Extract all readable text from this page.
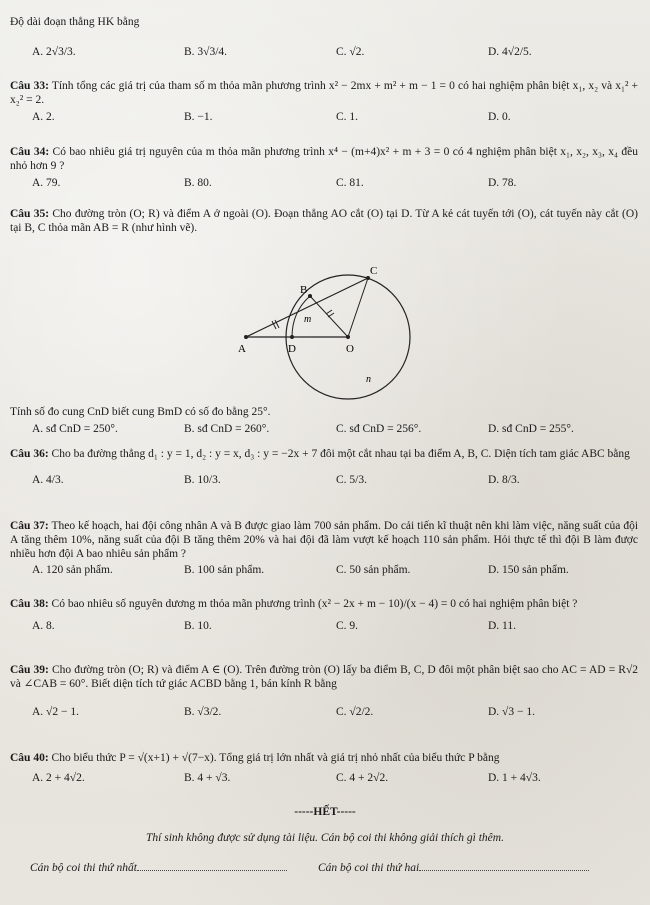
Độ dài đoạn thẳng HK bằng
A. 2√3/3.	B. 3√3/4.	C. √2.	D. 4√2/5.
Câu 33: Tính tổng các giá trị của tham số m thỏa mãn phương trình x² − 2mx + m² + m − 1 = 0 có hai nghiệm phân biệt x₁, x₂ và x₁² + x₂² = 2.
A. 2.	B. −1.	C. 1.	D. 0.
Câu 34: Có bao nhiêu giá trị nguyên của m thỏa mãn phương trình x⁴ − (m+4)x² + m + 3 = 0 có 4 nghiệm phân biệt x₁, x₂, x₃, x₄ đều nhỏ hơn 9 ?
A. 79.	B. 80.	C. 81.	D. 78.
Câu 35: Cho đường tròn (O; R) và điểm A ở ngoài (O). Đoạn thẳng AO cắt (O) tại D. Từ A kẻ cát tuyến tới (O), cát tuyến này cắt (O) tại B, C thỏa mãn AB = R (như hình vẽ).
C
B
m
A	D	O
n
Tính số đo cung CnD biết cung BmD có số đo bằng 25°.
A. sđ CnD = 250°.	B. sđ CnD = 260°.	C. sđ CnD = 256°.	D. sđ CnD = 255°.
Câu 36: Cho ba đường thẳng d₁ : y = 1, d₂ : y = x, d₃ : y = −2x + 7 đôi một cắt nhau tại ba điểm A, B, C. Diện tích tam giác ABC bằng
A. 4/3.	B. 10/3.	C. 5/3.	D. 8/3.
Câu 37: Theo kế hoạch, hai đội công nhân A và B được giao làm 700 sản phẩm. Do cải tiến kĩ thuật nên khi làm việc, năng suất của đội A tăng thêm 10%, năng suất của đội B tăng thêm 20% và hai đội đã làm vượt kế hoạch 110 sản phẩm. Hỏi thực tế thì đội B làm được nhiều hơn đội A bao nhiêu sản phẩm ?
A. 120 sản phẩm.	B. 100 sản phẩm.	C. 50 sản phẩm.	D. 150 sản phẩm.
Câu 38: Có bao nhiêu số nguyên dương m thỏa mãn phương trình (x² − 2x + m − 10)/(x − 4) = 0 có hai nghiệm phân biệt ?
A. 8.	B. 10.	C. 9.	D. 11.
Câu 39: Cho đường tròn (O; R) và điểm A ∈ (O). Trên đường tròn (O) lấy ba điểm B, C, D đôi một phân biệt sao cho AC = AD = R√2 và ∠CAB = 60°. Biết diện tích tứ giác ACBD bằng 1, bán kính R bằng
A. √2 − 1.	B. √3/2.	C. √2/2.	D. √3 − 1.
Câu 40: Cho biểu thức P = √(x+1) + √(7−x). Tổng giá trị lớn nhất và giá trị nhỏ nhất của biểu thức P bằng
A. 2 + 4√2.	B. 4 + √3.	C. 4 + 2√2.	D. 1 + 4√3.
-----HẾT-----
Thí sinh không được sử dụng tài liệu. Cán bộ coi thi không giải thích gì thêm.
Cán bộ coi thi thứ nhất	Cán bộ coi thi thứ hai
